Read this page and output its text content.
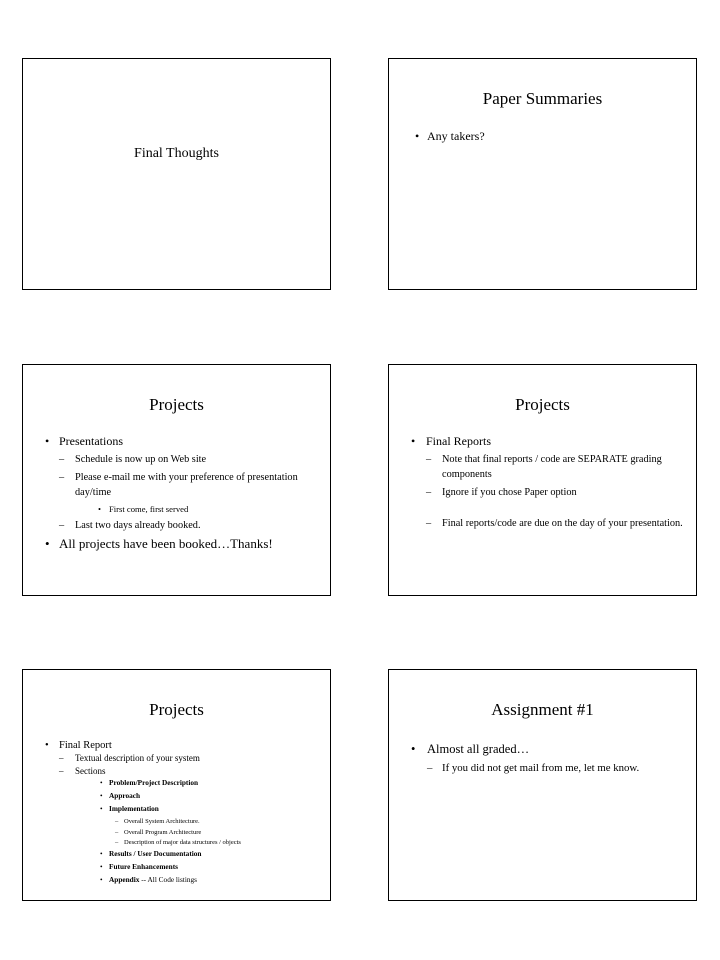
Final Thoughts
Paper Summaries
• Any takers?
Projects
• Presentations
– Schedule is now up on Web site
– Please e-mail me with your preference of presentation day/time
• First come, first served
– Last two days already booked.
• All projects have been booked…Thanks!
Projects
• Final Reports
– Note that final reports / code are SEPARATE grading components
– Ignore if you chose Paper option
– Final reports/code are due on the day of your presentation.
Projects
• Final Report
– Textual description of your system
– Sections
• Problem/Project Description
• Approach
• Implementation
– Overall System Architecture.
– Overall Program Architecture
– Description of major data structures / objects
• Results / User Documentation
• Future Enhancements
• Appendix -- All Code listings
Assignment #1
• Almost all graded…
– If you did not get mail from me, let me know.
